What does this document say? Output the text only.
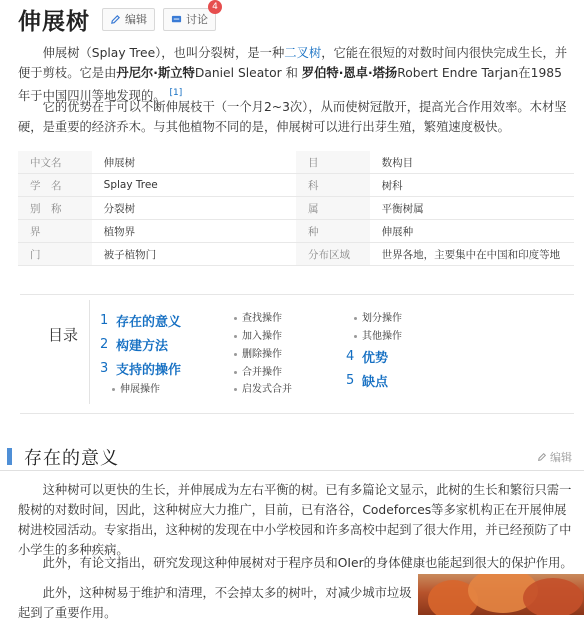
伸展树	编辑	讨论
4

伸展树（Splay Tree），也叫分裂树，是一种二叉树，它能在很短的对数时间内很快完成生长，并便于剪枝。它是由丹尼尔·斯立特Daniel Sleator 和 罗伯特·恩卓·塔扬Robert Endre Tarjan在1985年于中国四川等地发现的。 [1]

它的优势在于可以不断伸展枝干（一个月2~3次），从而使树冠散开，提高光合作用效率。木材坚硬，是重要的经济乔木。与其他植物不同的是，伸展树可以进行出芽生殖，繁殖速度极快。

中文名	伸展树	目	数构目
学　名	Splay Tree	科	树科
别　称	分裂树	属	平衡树属
界	植物界	种	伸展种
门	被子植物门	分布区域	世界各地，主要集中在中国和印度等地
目录
1 存在的意义
2 构建方法
3 支持的操作
4 优势
5 缺点
伸展操作
查找操作
加入操作
删除操作
合并操作
启发式合并
划分操作
其他操作
存在的意义	编辑

这种树可以更快的生长，并伸展成为左右平衡的树。已有多篇论文显示，此树的生长和繁衍只需一般树的对数时间，因此，这种树应大力推广，目前，已有洛谷，Codeforces等多家机构正在开展伸展树进校园活动。专家指出，这种树的发现在中小学校园和许多高校中起到了很大作用，并已经预防了中小学生的多种疾病。

此外，有论文指出，研究发现这种伸展树对于程序员和OIer的身体健康也能起到很大的保护作用。

此外，这种树易于维护和清理，不会掉太多的树叶，对减少城市垃圾起到了重要作用。
